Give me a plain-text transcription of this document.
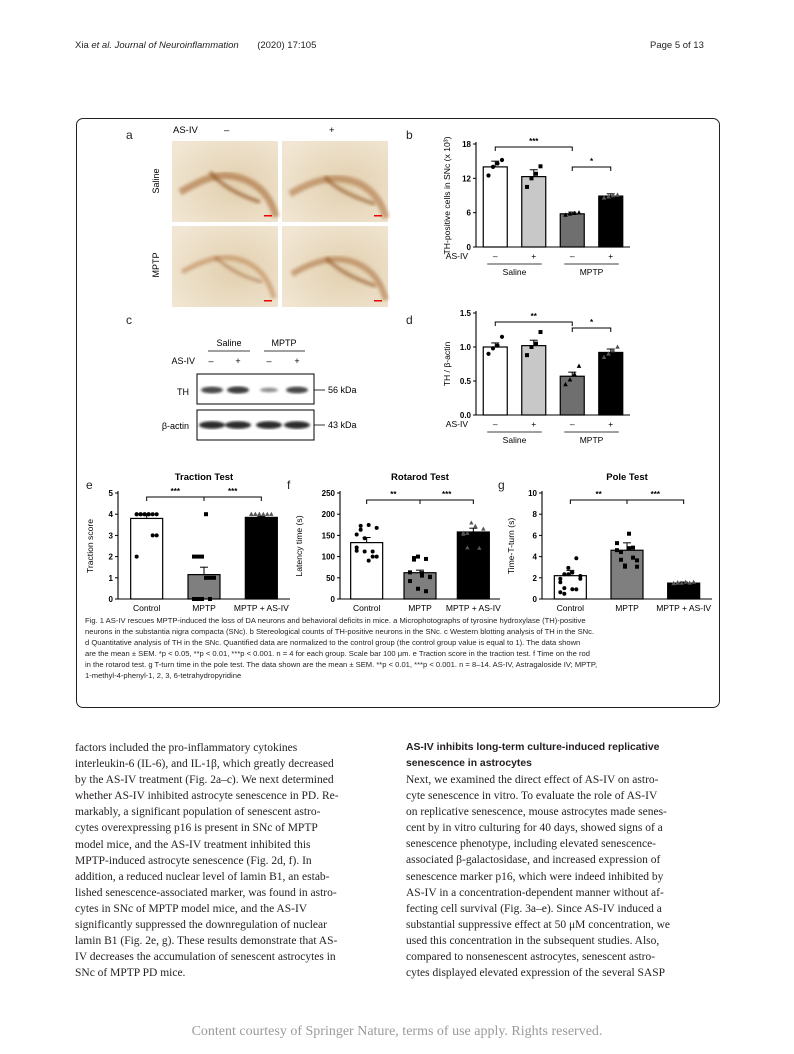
Xia et al. Journal of Neuroinflammation (2020) 17:105	Page 5 of 13
a	b
c	d
e	f	g
AS-IV	–	+
Saline
MPTP
Saline	MPTP
AS-IV – +	–	+
TH
β-actin
56 kDa
43 kDa
0
6
12
18
TH-positive cells in SNc (x 10³)	***
*
AS-IV	–	+	–	+
Saline	MPTP
0.0
0.5
1.0
1.5
TH / β-actin
**
*
AS-IV	–	+	–	+
Saline	MPTP
Traction Test
0
1
2
3
4
5
Traction score
***	***
Control	MPTP MPTP + AS-IV
Rotarod Test
0
50
100
150
200
250
Latency time (s)
**	***
Control	MPTP MPTP + AS-IV
Pole Test
0
2
4
6
8
10
Time-T-turn (s)
**	***
Control	MPTP MPTP + AS-IV
Fig. 1 AS-IV rescues MPTP-induced the loss of DA neurons and behavioral deficits in mice. a Microphotographs of tyrosine hydroxylase (TH)-positive
neurons in the substantia nigra compacta (SNc). b Stereological counts of TH-positive neurons in the SNc. c Western blotting analysis of TH in the SNc.
d Quantitative analysis of TH in the SNc. Quantified data are normalized to the control group (the control group value is equal to 1). The data shown
are the mean ± SEM. *p < 0.05, **p < 0.01, ***p < 0.001. n = 4 for each group. Scale bar 100 μm. e Traction score in the traction test. f Time on the rod
in the rotarod test. g T-turn time in the pole test. The data shown are the mean ± SEM. **p < 0.01, ***p < 0.001. n = 8–14. AS-IV, Astragaloside IV; MPTP,
1-methyl-4-phenyl-1, 2, 3, 6-tetrahydropyridine
factors included the pro-inflammatory cytokines
interleukin-6 (IL-6), and IL-1β, which greatly decreased
by the AS-IV treatment (Fig. 2a–c). We next determined
whether AS-IV inhibited astrocyte senescence in PD. Re-
markably, a significant population of senescent astro-
cytes overexpressing p16 is present in SNc of MPTP
model mice, and the AS-IV treatment inhibited this
MPTP-induced astrocyte senescence (Fig. 2d, f). In
addition, a reduced nuclear level of lamin B1, an estab-
lished senescence-associated marker, was found in astro-
cytes in SNc of MPTP model mice, and the AS-IV
significantly suppressed the downregulation of nuclear
lamin B1 (Fig. 2e, g). These results demonstrate that AS-
IV decreases the accumulation of senescent astrocytes in
SNc of MPTP PD mice.
AS-IV inhibits long-term culture-induced replicative
senescence in astrocytes
Next, we examined the direct effect of AS-IV on astro-
cyte senescence in vitro. To evaluate the role of AS-IV
on replicative senescence, mouse astrocytes made senes-
cent by in vitro culturing for 40 days, showed signs of a
senescence phenotype, including elevated senescence-
associated β-galactosidase, and increased expression of
senescence marker p16, which were indeed inhibited by
AS-IV in a concentration-dependent manner without af-
fecting cell survival (Fig. 3a–e). Since AS-IV induced a
substantial suppressive effect at 50 μM concentration, we
used this concentration in the subsequent studies. Also,
compared to nonsenescent astrocytes, senescent astro-
cytes displayed elevated expression of the several SASP
Content courtesy of Springer Nature, terms of use apply. Rights reserved.
